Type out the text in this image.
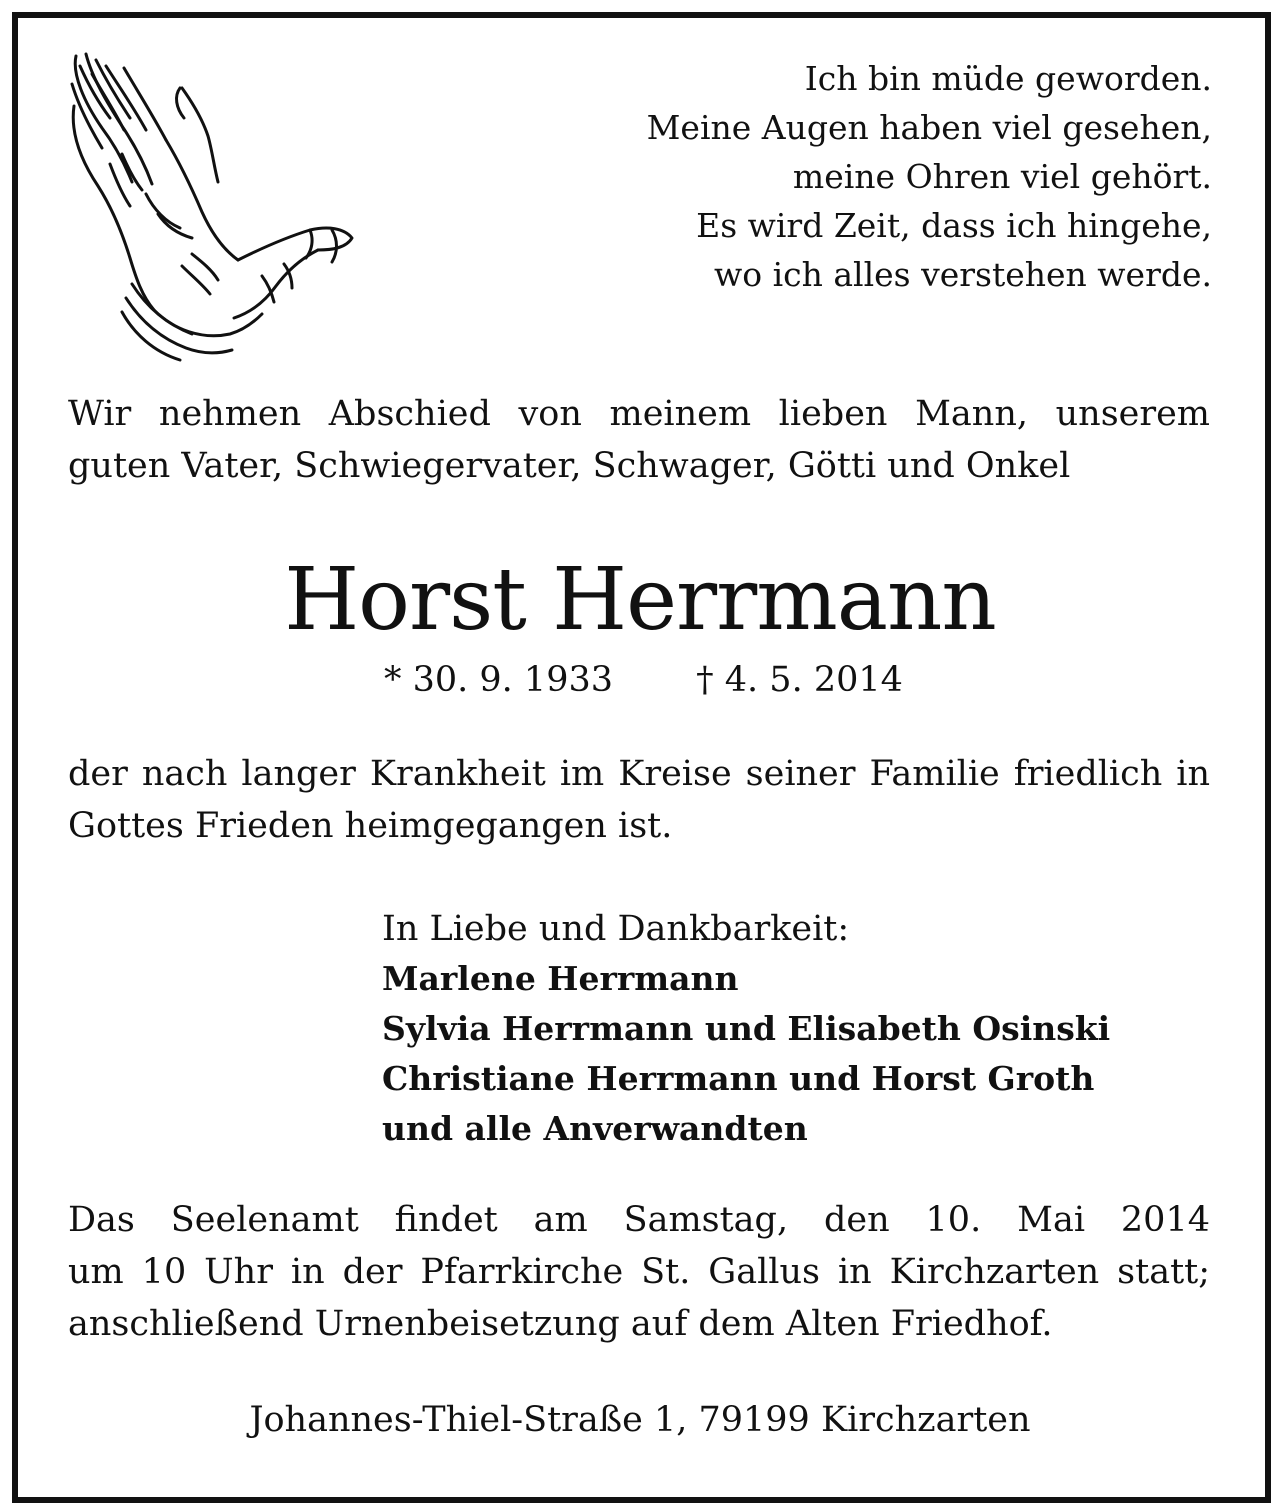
Ich bin müde geworden.
Meine Augen haben viel gesehen,
meine Ohren viel gehört.
Es wird Zeit, dass ich hingehe,
wo ich alles verstehen werde.
Wir nehmen Abschied von meinem lieben Mann, unserem
guten Vater, Schwiegervater, Schwager, Götti und Onkel
Horst Herrmann
* 30. 9. 1933 † 4. 5. 2014
der nach langer Krankheit im Kreise seiner Familie friedlich in
Gottes Frieden heimgegangen ist.
In Liebe und Dankbarkeit:
Marlene Herrmann
Sylvia Herrmann und Elisabeth Osinski
Christiane Herrmann und Horst Groth
und alle Anverwandten
Das Seelenamt findet am Samstag, den 10. Mai 2014
um 10 Uhr in der Pfarrkirche St. Gallus in Kirchzarten statt;
anschließend Urnenbeisetzung auf dem Alten Friedhof.
Johannes-Thiel-Straße 1, 79199 Kirchzarten
